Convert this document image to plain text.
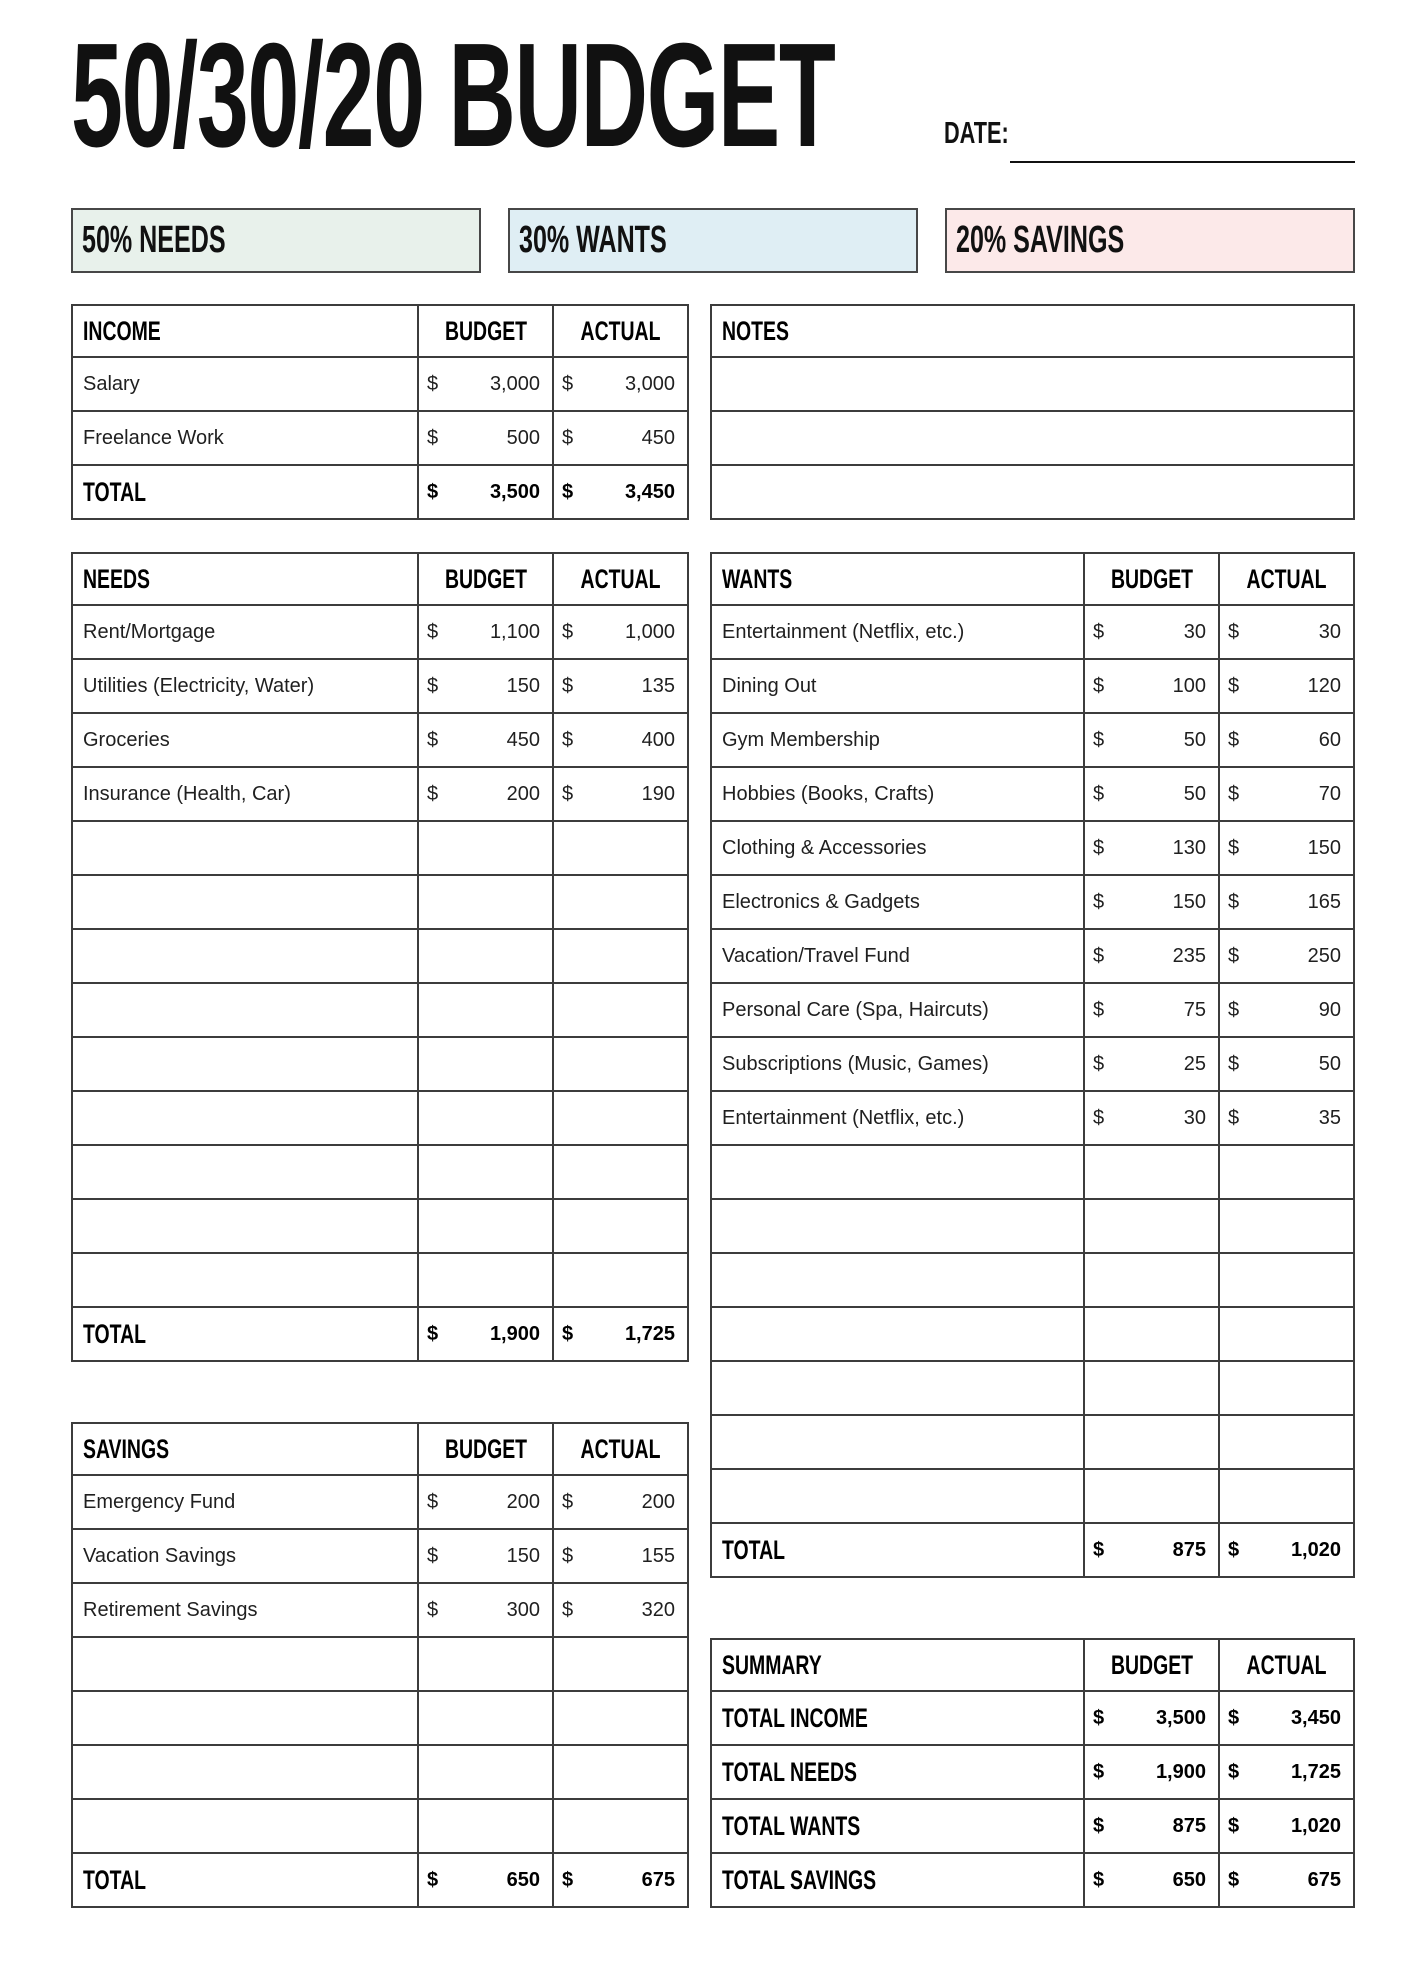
50/30/20 BUDGET	DATE:
50% NEEDS	30% WANTS	20% SAVINGS
INCOME	BUDGET ACTUAL
Salary	$	3,000 $	3,000
Freelance Work	$	500 $	450
TOTAL	$	3,500 $	3,450
NEEDS	BUDGET ACTUAL
Rent/Mortgage	$	1,100 $	1,000
Utilities (Electricity, Water)	$	150 $	135
Groceries	$	450 $	400
Insurance (Health, Car)	$	200 $	190
TOTAL	$	1,900 $	1,725
SAVINGS	BUDGET ACTUAL
Emergency Fund	$	200 $	200
Vacation Savings	$	150 $	155
Retirement Savings	$	300 $	320
TOTAL	$	650 $	675
NOTES
WANTS	BUDGET ACTUAL
Entertainment (Netflix, etc.)	$	30 $	30
Dining Out	$	100 $	120
Gym Membership	$	50 $	60
Hobbies (Books, Crafts)	$	50 $	70
Clothing & Accessories	$	130 $	150
Electronics & Gadgets	$	150 $	165
Vacation/Travel Fund	$	235 $	250
Personal Care (Spa, Haircuts)	$	75 $	90
Subscriptions (Music, Games)	$	25 $	50
Entertainment (Netflix, etc.)	$	30 $	35
TOTAL	$	875 $	1,020
SUMMARY	BUDGET ACTUAL
TOTAL INCOME	$	3,500 $	3,450
TOTAL NEEDS	$	1,900 $	1,725
TOTAL WANTS	$	875 $	1,020
TOTAL SAVINGS	$	650 $	675
